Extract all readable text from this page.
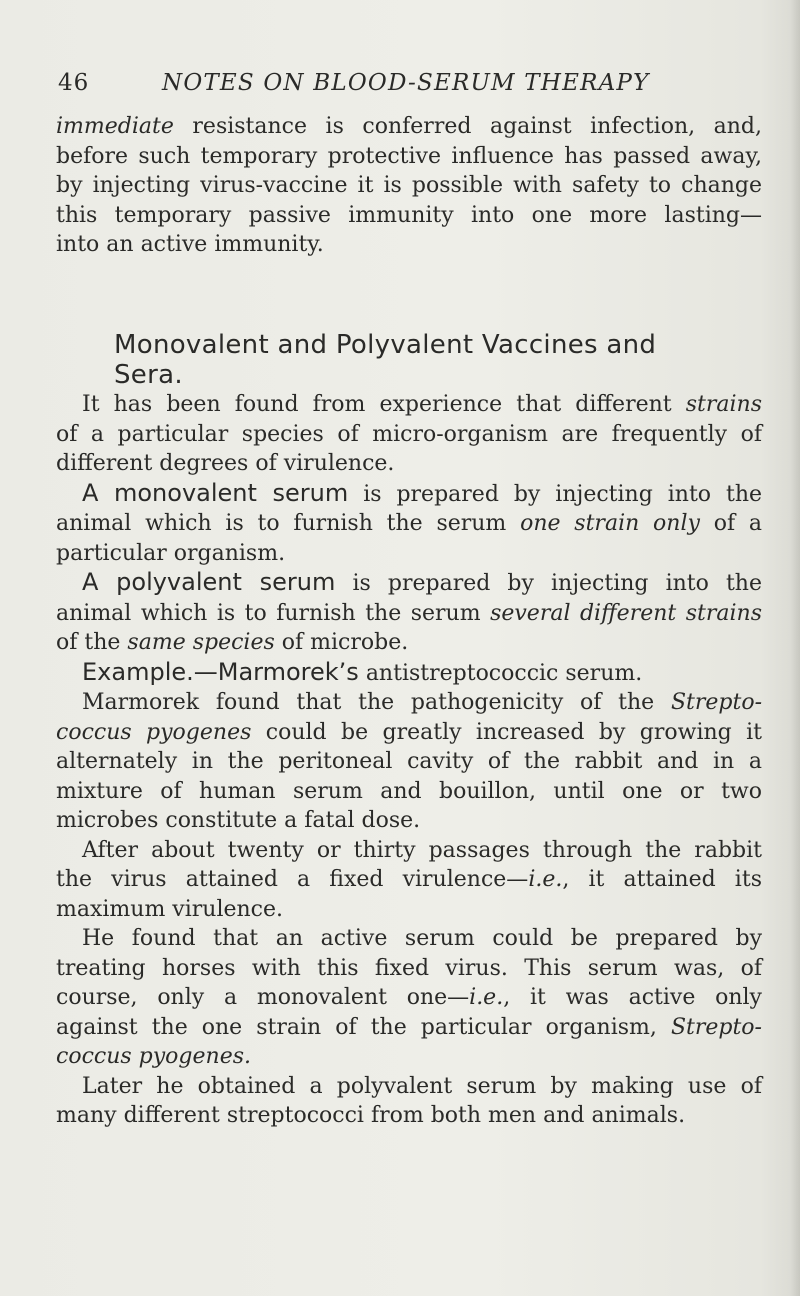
46	NOTES ON BLOOD-SERUM THERAPY
immediate resistance is conferred against infection, and,
before such temporary protective influence has passed away,
by injecting virus-vaccine it is possible with safety to change
this temporary passive immunity into one more lasting—
into an active immunity.
Monovalent and Polyvalent Vaccines and Sera.
It has been found from experience that different strains
of a particular species of micro-organism are frequently of
different degrees of virulence.
A monovalent serum is prepared by injecting into the
animal which is to furnish the serum one strain only of a
particular organism.
A polyvalent serum is prepared by injecting into the
animal which is to furnish the serum several different strains
of the same species of microbe.
Example.—Marmorek’s antistreptococcic serum.
Marmorek found that the pathogenicity of the Strepto-
coccus pyogenes could be greatly increased by growing it
alternately in the peritoneal cavity of the rabbit and in a
mixture of human serum and bouillon, until one or two
microbes constitute a fatal dose.
After about twenty or thirty passages through the rabbit
the virus attained a fixed virulence—i.e., it attained its
maximum virulence.
He found that an active serum could be prepared by
treating horses with this fixed virus. This serum was, of
course, only a monovalent one—i.e., it was active only
against the one strain of the particular organism, Strepto-
coccus pyogenes.
Later he obtained a polyvalent serum by making use of
many different streptococci from both men and animals.
